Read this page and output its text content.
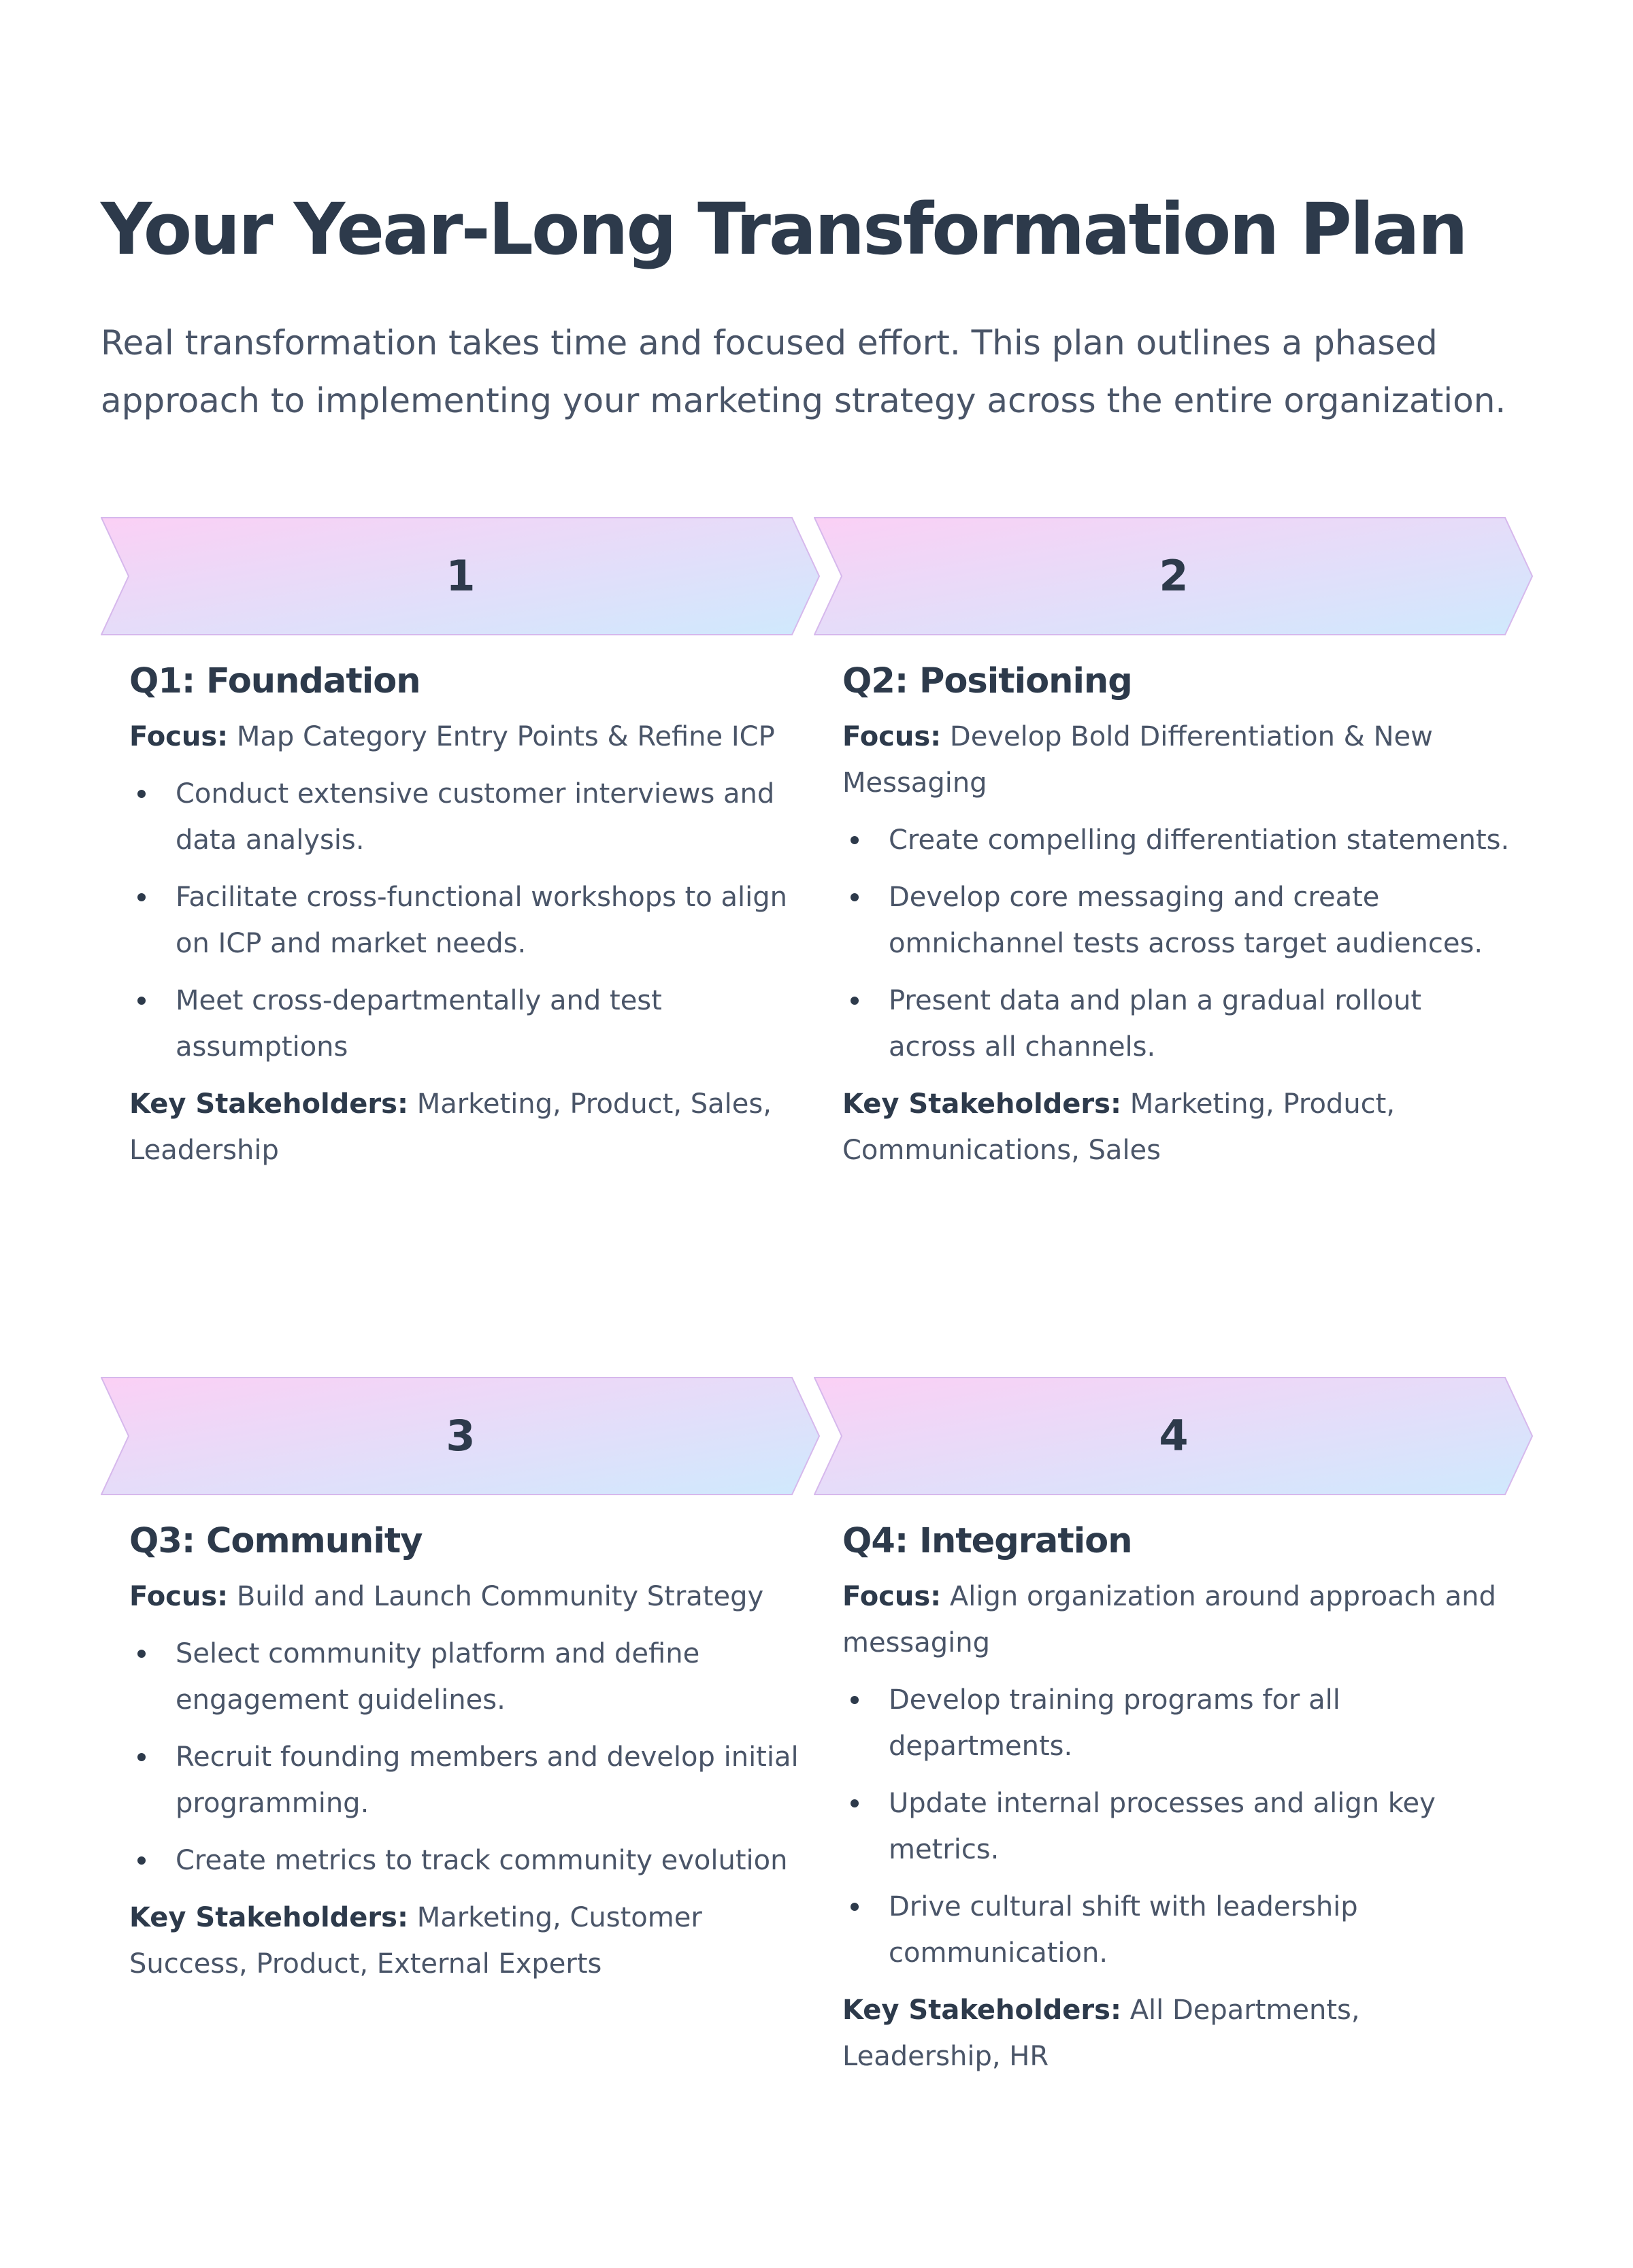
Your Year-Long Transformation Plan

Real transformation takes time and focused effort. This plan outlines a phased approach to implementing your marketing strategy across the entire organization.

1
Q1: Foundation

Focus: Map Category Entry Points & Refine ICP

Conduct extensive customer interviews and data analysis.
Facilitate cross-functional workshops to align on ICP and market needs.
Meet cross-departmentally and test assumptions

Key Stakeholders: Marketing, Product, Sales, Leadership

2
Q2: Positioning

Focus: Develop Bold Differentiation & New Messaging

Create compelling differentiation statements.
Develop core messaging and create omnichannel tests across target audiences.
Present data and plan a gradual rollout across all channels.

Key Stakeholders: Marketing, Product, Communications, Sales

3
Q3: Community

Focus: Build and Launch Community Strategy

Select community platform and define engagement guidelines.
Recruit founding members and develop initial programming.
Create metrics to track community evolution

Key Stakeholders: Marketing, Customer Success, Product, External Experts

4
Q4: Integration

Focus: Align organization around approach and messaging

Develop training programs for all departments.
Update internal processes and align key metrics.
Drive cultural shift with leadership communication.

Key Stakeholders: All Departments, Leadership, HR
